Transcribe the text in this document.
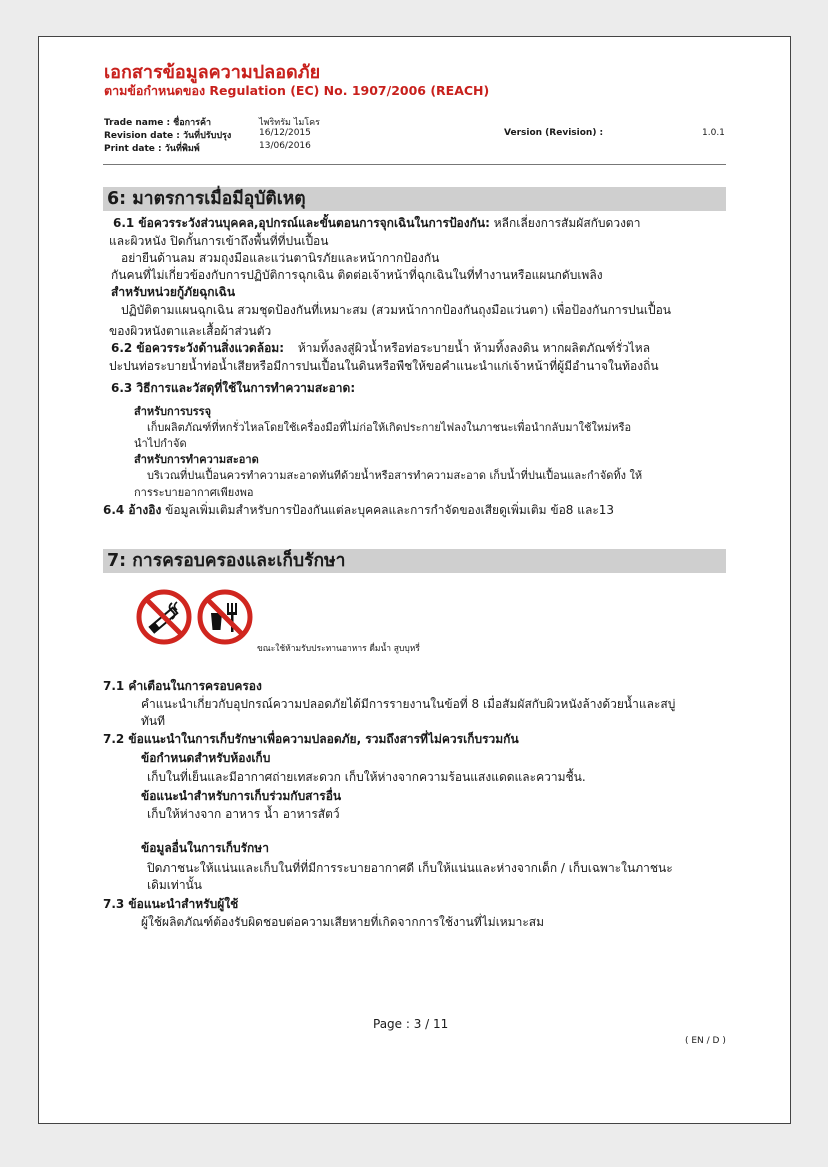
เอกสารข้อมูลความปลอดภัย
ตามข้อกำหนดของ Regulation (EC) No. 1907/2006 (REACH)
Trade name : ชื่อการค้า	ไพริทรัม ไมโคร
Revision date : วันที่ปรับปรุง	16/12/2015
Print date : วันที่พิมพ์	13/06/2016
Version (Revision) :	1.0.1
6: มาตรการเมื่อมีอุบัติเหตุ
6.1 ข้อควรระวังส่วนบุคคล,อุปกรณ์และขั้นตอนการจุกเฉินในการป้องกัน: หลีกเลี่ยงการสัมผัสกับดวงตา
และผิวหนัง ปิดกั้นการเข้าถึงพื้นที่ที่ปนเปื้อน
อย่ายืนด้านลม สวมถุงมือและแว่นตานิรภัยและหน้ากากป้องกัน
กันคนที่ไม่เกี่ยวข้องกับการปฏิบัติการฉุกเฉิน ติดต่อเจ้าหน้าที่ฉุกเฉินในที่ทำงานหรือแผนกดับเพลิง
สำหรับหน่วยกู้ภัยฉุกเฉิน
ปฏิบัติตามแผนฉุกเฉิน สวมชุดป้องกันที่เหมาะสม (สวมหน้ากากป้องกันถุงมือแว่นตา) เพื่อป้องกันการปนเปื้อน
ของผิวหนังตาและเสื้อผ้าส่วนตัว
6.2 ข้อควรระวังด้านสิ่งแวดล้อม: ห้ามทิ้งลงสู่ผิวน้ำหรือท่อระบายน้ำ ห้ามทิ้งลงดิน หากผลิตภัณฑ์รั่วไหล
ปะปนท่อระบายน้ำท่อน้ำเสียหรือมีการปนเปื้อนในดินหรือพืชให้ขอคำแนะนำแก่เจ้าหน้าที่ผู้มีอำนาจในท้องถิ่น
6.3 วิธีการและวัสดุที่ใช้ในการทำความสะอาด:
สำหรับการบรรจุ
เก็บผลิตภัณฑ์ที่หกรั่วไหลโดยใช้เครื่องมือที่ไม่ก่อให้เกิดประกายไฟลงในภาชนะเพื่อนำกลับมาใช้ใหม่หรือ
นำไปกำจัด
สำหรับการทำความสะอาด
บริเวณที่ปนเปื้อนควรทำความสะอาดทันทีด้วยน้ำหรือสารทำความสะอาด เก็บน้ำที่ปนเปื้อนและกำจัดทิ้ง ให้
การระบายอากาศเพียงพอ
6.4 อ้างอิง ข้อมูลเพิ่มเติมสำหรับการป้องกันแต่ละบุคคลและการกำจัดของเสียดูเพิ่มเติม ข้อ8 และ13
7: การครอบครองและเก็บรักษา
ขณะใช้ห้ามรับประทานอาหาร ดื่มน้ำ สูบบุหรี่
7.1 คำเตือนในการครอบครอง
คำแนะนำเกี่ยวกับอุปกรณ์ความปลอดภัยได้มีการรายงานในข้อที่ 8 เมื่อสัมผัสกับผิวหนังล้างด้วยน้ำและสบู่
ทันที
7.2 ข้อแนะนำในการเก็บรักษาเพื่อความปลอดภัย, รวมถึงสารที่ไม่ควรเก็บรวมกัน
ข้อกำหนดสำหรับห้องเก็บ
เก็บในที่เย็นและมีอากาศถ่ายเทสะดวก เก็บให้ห่างจากความร้อนแสงแดดและความชื้น.
ข้อแนะนำสำหรับการเก็บร่วมกับสารอื่น
เก็บให้ห่างจาก อาหาร น้ำ อาหารสัตว์
ข้อมูลอื่นในการเก็บรักษา
ปิดภาชนะให้แน่นและเก็บในที่ที่มีการระบายอากาศดี เก็บให้แน่นและห่างจากเด็ก / เก็บเฉพาะในภาชนะ
เดิมเท่านั้น
7.3 ข้อแนะนำสำหรับผู้ใช้
ผู้ใช้ผลิตภัณฑ์ต้องรับผิดชอบต่อความเสียหายที่เกิดจากการใช้งานที่ไม่เหมาะสม
Page : 3 / 11
( EN / D )
